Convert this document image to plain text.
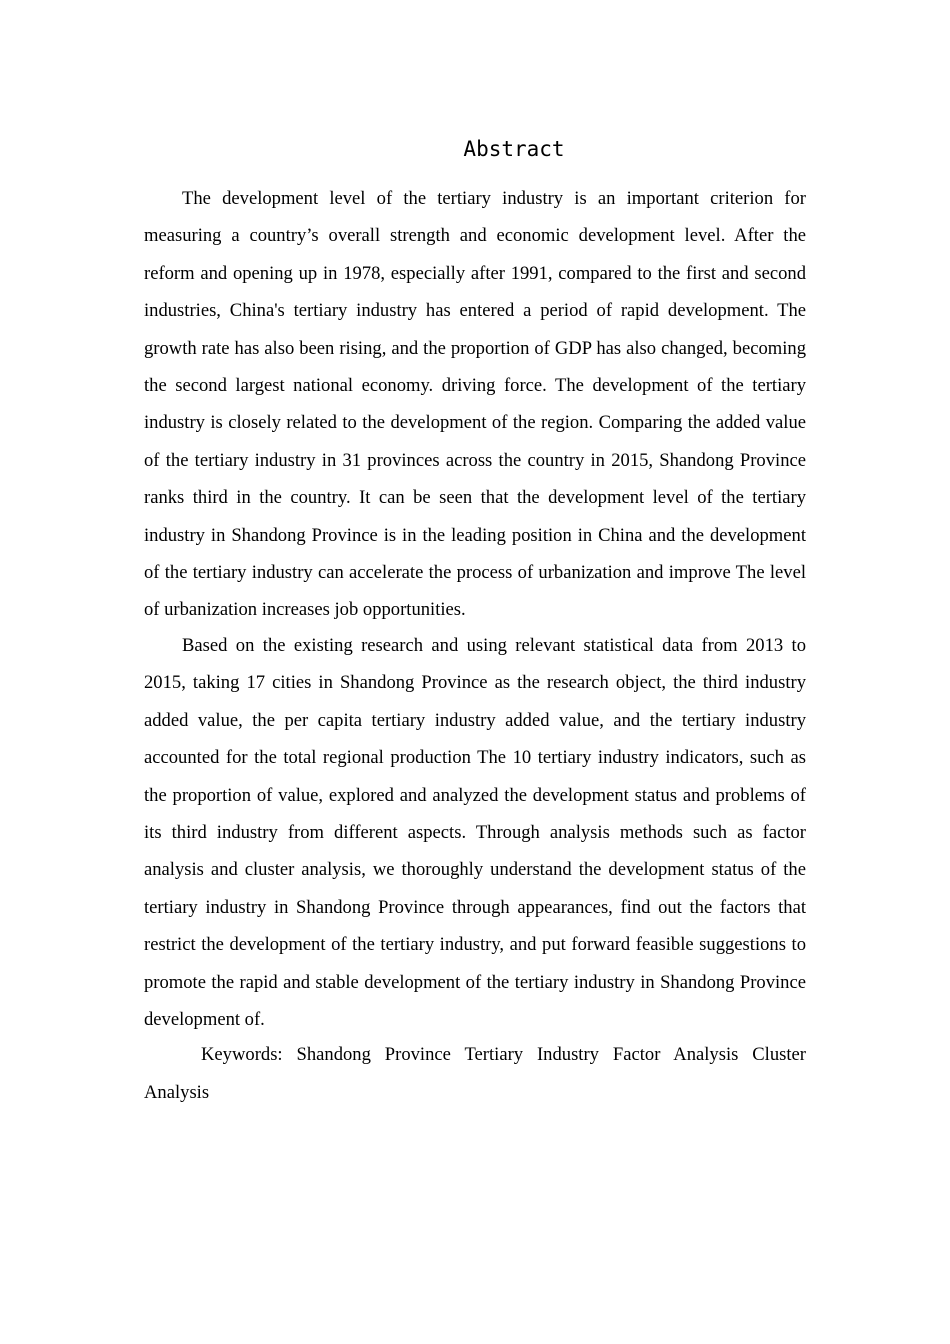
Abstract

The development level of the tertiary industry is an important criterion for measuring a country’s overall strength and economic development level. After the reform and opening up in 1978, especially after 1991, compared to the first and second industries, China's tertiary industry has entered a period of rapid development. The growth rate has also been rising, and the proportion of GDP has also changed, becoming the second largest national economy. driving force. The development of the tertiary industry is closely related to the development of the region. Comparing the added value of the tertiary industry in 31 provinces across the country in 2015, Shandong Province ranks third in the country. It can be seen that the development level of the tertiary industry in Shandong Province is in the leading position in China and the development of the tertiary industry can accelerate the process of urbanization and improve The level of urbanization increases job opportunities.

Based on the existing research and using relevant statistical data from 2013 to 2015, taking 17 cities in Shandong Province as the research object, the third industry added value, the per capita tertiary industry added value, and the tertiary industry accounted for the total regional production The 10 tertiary industry indicators, such as the proportion of value, explored and analyzed the development status and problems of its third industry from different aspects. Through analysis methods such as factor analysis and cluster analysis, we thoroughly understand the development status of the tertiary industry in Shandong Province through appearances, find out the factors that restrict the development of the tertiary industry, and put forward feasible suggestions to promote the rapid and stable development of the tertiary industry in Shandong Province development of.

Keywords: Shandong Province Tertiary Industry Factor Analysis Cluster Analysis
